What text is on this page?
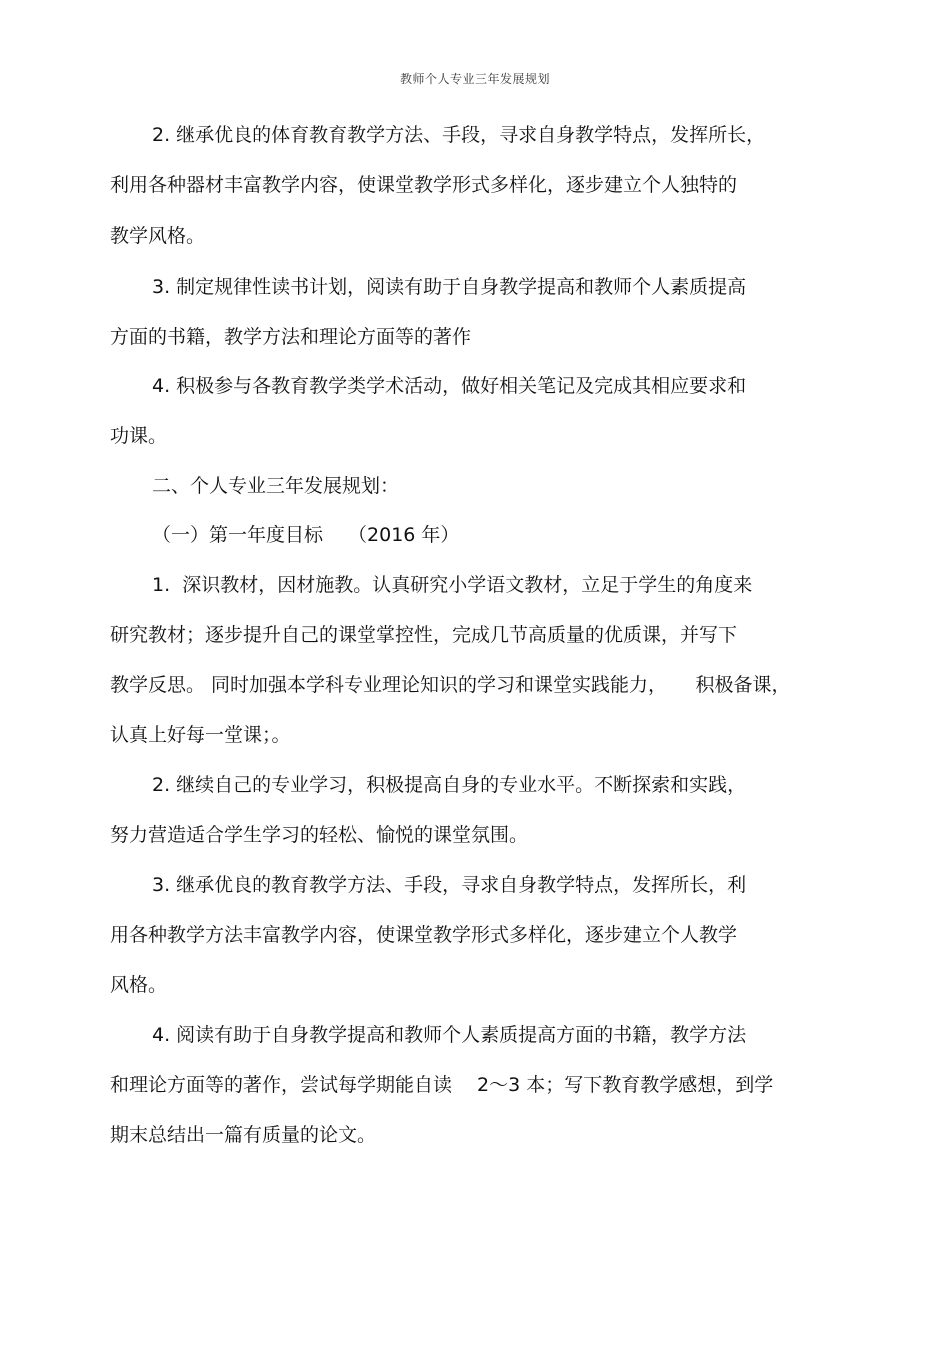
教师个人专业三年发展规划
2. 继承优良的体育教育教学方法、手段，寻求自身教学特点，发挥所长，
利用各种器材丰富教学内容，使课堂教学形式多样化，逐步建立个人独特的
教学风格。
3. 制定规律性读书计划，阅读有助于自身教学提高和教师个人素质提高
方面的书籍，教学方法和理论方面等的著作
4. 积极参与各教育教学类学术活动，做好相关笔记及完成其相应要求和
功课。
二、个人专业三年发展规划：
（一）第一年度目标　 （2016 年）
1.  深识教材，因材施教。认真研究小学语文教材，立足于学生的角度来
研究教材；逐步提升自己的课堂掌控性，完成几节高质量的优质课，并写下
教学反思。 同时加强本学科专业理论知识的学习和课堂实践能力，　　积极备课，
认真上好每一堂课；。
2. 继续自己的专业学习，积极提高自身的专业水平。不断探索和实践，
努力营造适合学生学习的轻松、愉悦的课堂氛围。
3. 继承优良的教育教学方法、手段，寻求自身教学特点，发挥所长，利
用各种教学方法丰富教学内容，使课堂教学形式多样化，逐步建立个人教学
风格。
4. 阅读有助于自身教学提高和教师个人素质提高方面的书籍，教学方法
和理论方面等的著作，尝试每学期能自读　 2～3 本；写下教育教学感想，到学
期末总结出一篇有质量的论文。
